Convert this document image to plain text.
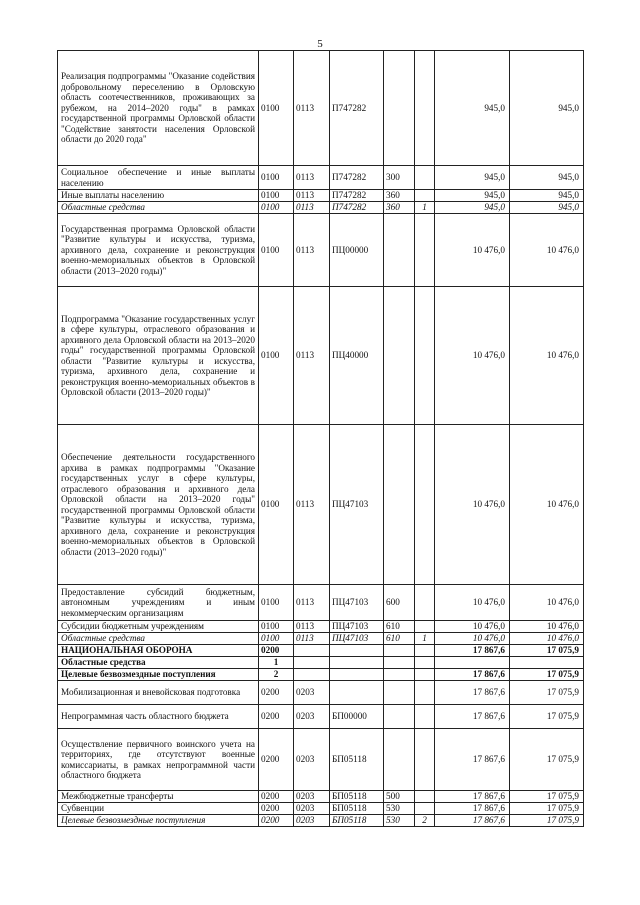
5
Реализация подпрограммы "Оказание содействия добровольному переселению в Орловскую область соотечественников, проживающих за рубежом, на 2014–2020 годы" в рамках государственной программы Орловской области "Содействие занятости населения Орловской области до 2020 года"	0100	0113	П747282			945,0	945,0
Социальное обеспечение и иные выплаты населению	0100	0113	П747282	300		945,0	945,0
Иные выплаты населению	0100	0113	П747282	360		945,0	945,0
Областные средства	0100	0113	П747282	360	1	945,0	945,0
Государственная программа Орловской области "Развитие культуры и искусства, туризма, архивного дела, сохранение и реконструкция военно-мемориальных объектов в Орловской области (2013–2020 годы)"	0100	0113	ПЦ00000			10 476,0	10 476,0
Подпрограмма "Оказание государственных услуг в сфере культуры, отраслевого образования и архивного дела Орловской области на 2013–2020 годы" государственной программы Орловской области "Развитие культуры и искусства, туризма, архивного дела, сохранение и реконструкция военно-мемориальных объектов в Орловской области (2013–2020 годы)"	0100	0113	ПЦ40000			10 476,0	10 476,0
Обеспечение деятельности государственного архива в рамках подпрограммы "Оказание государственных услуг в сфере культуры, отраслевого образования и архивного дела Орловской области на 2013–2020 годы" государственной программы Орловской области "Развитие культуры и искусства, туризма, архивного дела, сохранение и реконструкция военно-мемориальных объектов в Орловской области (2013–2020 годы)"	0100	0113	ПЦ47103			10 476,0	10 476,0
Предоставление субсидий бюджетным, автономным учреждениям и иным некоммерческим организациям	0100	0113	ПЦ47103	600		10 476,0	10 476,0
Субсидии бюджетным учреждениям	0100	0113	ПЦ47103	610		10 476,0	10 476,0
Областные средства	0100	0113	ПЦ47103	610	1	10 476,0	10 476,0
НАЦИОНАЛЬНАЯ ОБОРОНА	0200					17 867,6	17 075,9
Областные средства	1						
Целевые безвозмездные поступления	2					17 867,6	17 075,9
Мобилизационная и вневойсковая подготовка	0200	0203				17 867,6	17 075,9
Непрограммная часть областного бюджета	0200	0203	БП00000			17 867,6	17 075,9
Осуществление первичного воинского учета на территориях, где отсутствуют военные комиссариаты, в рамках непрограммной части областного бюджета	0200	0203	БП05118			17 867,6	17 075,9
Межбюджетные трансферты	0200	0203	БП05118	500		17 867,6	17 075,9
Субвенции	0200	0203	БП05118	530		17 867,6	17 075,9
Целевые безвозмездные поступления	0200	0203	БП05118	530	2	17 867,6	17 075,9
